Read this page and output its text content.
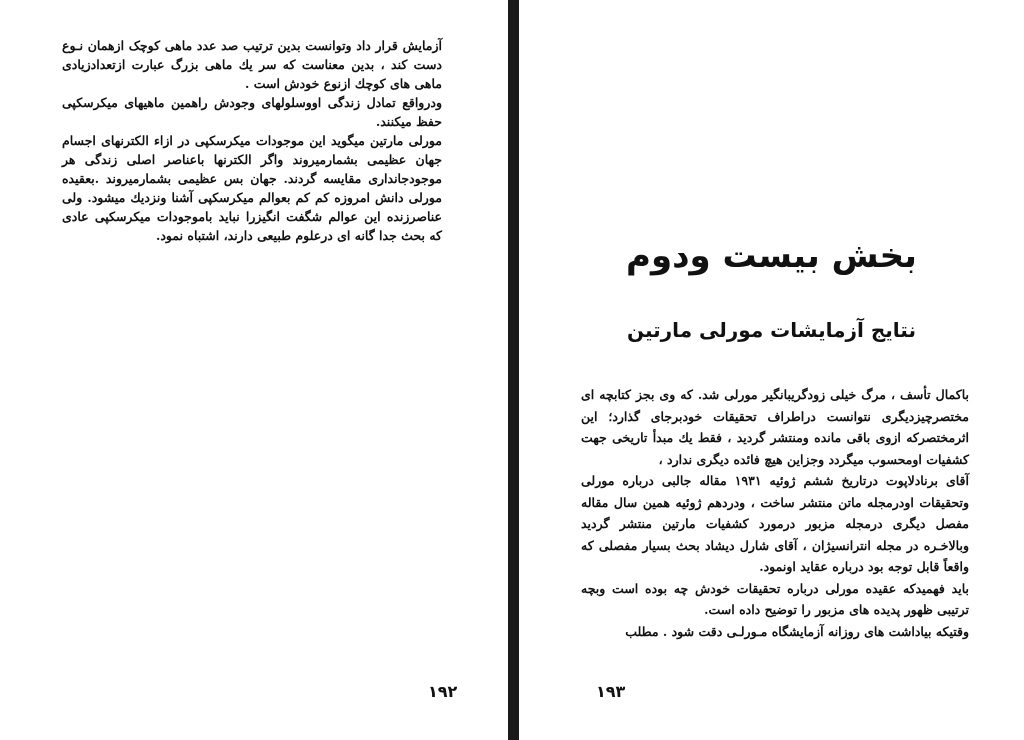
آزمایش قرار داد وتوانست بدین ترتیب صد عدد ماهی کوچک ازهمان نـوع دست کند ، بدین معناست که سر یك ماهی بزرگ عبارت ازتعدادزیادی ماهی های کوچك ازنوع خودش است .

ودرواقع تمادل زندگی اووسلولهای وجودش راهمین ماهیهای میکرسکپی حفظ میکنند.

مورلی مارتین میگوید این موجودات میکرسکپی در ازاء الکترنهای اجسام جهان عظیمی بشمارمیروند واگر الکترنها باعناصر اصلی زندگی هر موجودجانداری مقایسه گردند. جهان بس عظیمی بشمارمیروند .بعقیده مورلی دانش امروزه کم کم بعوالم میکرسکپی آشنا ونزدیك میشود. ولی عناصرزنده این عوالم شگفت انگیزرا نباید باموجودات میکرسکپی عادی که بحث جدا گانه ای درعلوم طبیعی دارند، اشتباه نمود.

۱۹۲
بخش بیست ودوم
نتایج آزمایشات مورلی مارتین

باکمال تأسف ، مرگ خیلی زودگریبانگیر مورلی شد. که وی بجز کتابچه ای مختصرچیزدیگری نتوانست دراطراف تحقیقات خودبرجای گذارد؛ این اثرمختصرکه ازوی باقی مانده ومنتشر گردید ، فقط یك مبدأ تاریخی جهت کشفیات اومحسوب میگردد وجزاین هیچ فائده دیگری ندارد ،

آقای برنادلاپوت درتاریخ ششم ژوئیه ۱۹۳۱ مقاله جالبی درباره مورلی وتحقیقات اودرمجله ماتن منتشر ساخت ، ودردهم ژوئیه همین سال مقاله مفصل دیگری درمجله مزبور درمورد کشفیات مارتین منتشر گردید وبالاخـره در مجله انترانسیژان ، آقای شارل دیشاد بحث بسیار مفصلی که واقعاً قابل توجه بود درباره عقاید اونمود.

باید فهمیدکه عقیده مورلی درباره تحقیقات خودش چه بوده است وبچه ترتیبی ظهور پدیده های مزبور را توضیح داده است.

وقتیکه بیاداشت های روزانه آزمایشگاه مـورلـی دقت شود . مطلب

۱۹۳
